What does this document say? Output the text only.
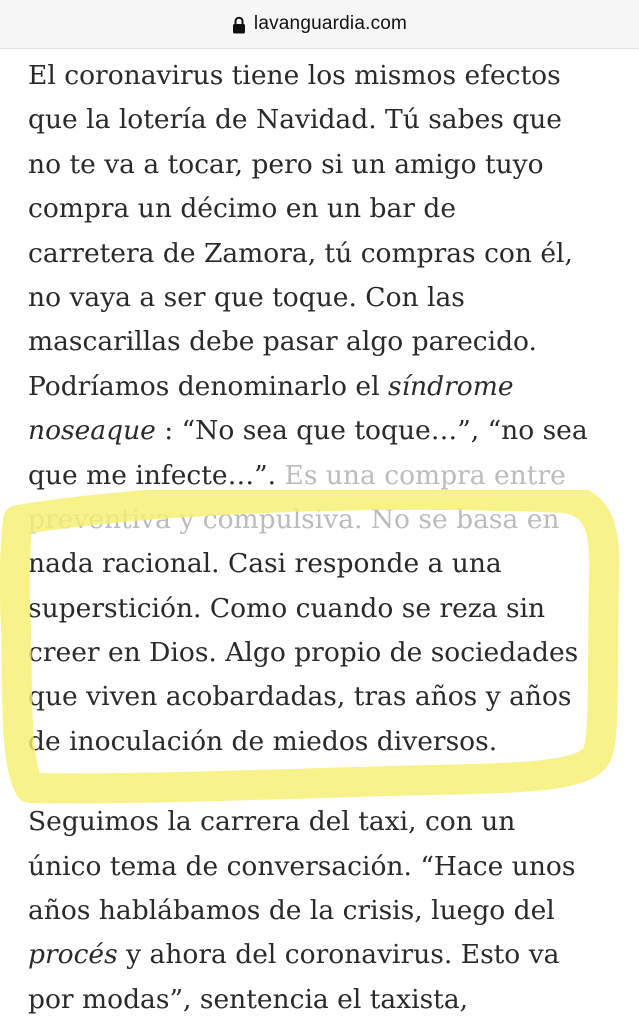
lavanguardia.com

El coronavirus tiene los mismos efectos
que la lotería de Navidad. Tú sabes que
no te va a tocar, pero si un amigo tuyo
compra un décimo en un bar de
carretera de Zamora, tú compras con él,
no vaya a ser que toque. Con las
mascarillas debe pasar algo parecido.
Podríamos denominarlo el síndrome
noseaque : “No sea que toque…”, “no sea
que me infecte…”. Es una compra entre
preventiva y compulsiva. No se basa en
nada racional. Casi responde a una
superstición. Como cuando se reza sin
creer en Dios. Algo propio de sociedades
que viven acobardadas, tras años y años
de inoculación de miedos diversos.

Seguimos la carrera del taxi, con un
único tema de conversación. “Hace unos
años hablábamos de la crisis, luego del
procés y ahora del coronavirus. Esto va
por modas”, sentencia el taxista,
